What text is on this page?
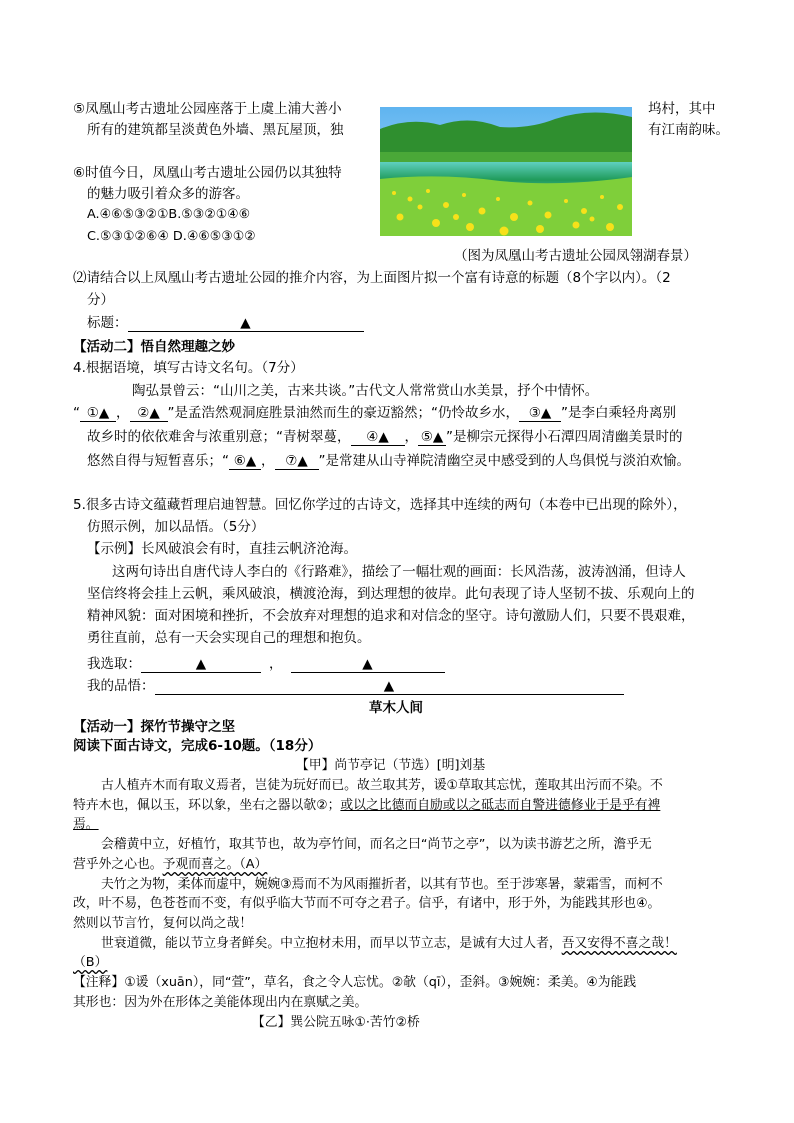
⑤凤凰山考古遗址公园座落于上虞上浦大善小	坞村，其中
所有的建筑都呈淡黄色外墙、黑瓦屋顶，独	有江南韵味。
⑥时值今日，凤凰山考古遗址公园仍以其独特
的魅力吸引着众多的游客。
A.④⑥⑤③②①B.⑤③②①④⑥
C.⑤③①②⑥④ D.④⑥⑤③①②
（图为凤凰山考古遗址公园凤翎湖春景）
⑵请结合以上凤凰山考古遗址公园的推介内容，为上面图片拟一个富有诗意的标题（8个字以内）。（2
分）
标题：	▲
【活动二】悟自然理趣之妙
4.根据语境，填写古诗文名句。（7分）
陶弘景曾云：“山川之美，古来共谈。”古代文人常常赏山水美景，抒个中情怀。
“ ①▲ ， ②▲ ”是孟浩然观洞庭胜景油然而生的豪迈豁然；“仍怜故乡水， ③▲ ”是李白乘轻舟离别
故乡时的依依难舍与浓重别意；“青树翠蔓， ④▲ ， ⑤▲ ”是柳宗元探得小石潭四周清幽美景时的
悠然自得与短暂喜乐；“ ⑥▲ ， ⑦▲ ”是常建从山寺禅院清幽空灵中感受到的人鸟俱悦与淡泊欢愉。
5.很多古诗文蕴藏哲理启迪智慧。回忆你学过的古诗文，选择其中连续的两句（本卷中已出现的除外），
仿照示例，加以品悟。（5分）
【示例】长风破浪会有时，直挂云帆济沧海。
这两句诗出自唐代诗人李白的《行路难》，描绘了一幅壮观的画面：长风浩荡，波涛汹涌，但诗人
坚信终将会挂上云帆，乘风破浪，横渡沧海，到达理想的彼岸。此句表现了诗人坚韧不拔、乐观向上的
精神风貌：面对困境和挫折，不会放弃对理想的追求和对信念的坚守。诗句激励人们，只要不畏艰难，
勇往直前，总有一天会实现自己的理想和抱负。
我选取：	▲	，	▲
我的品悟：	▲
草木人间
【活动一】探竹节操守之坚
阅读下面古诗文，完成6-10题。（18分）
【甲】尚节亭记（节选）[明]刘基
古人植卉木而有取义焉者，岂徒为玩好而已。故兰取其芳，谖①草取其忘忧，莲取其出污而不染。不
特卉木也，佩以玉，环以象，坐右之器以欹②；或以之比德而自励或以之砥志而自警进德修业于是乎有裨
焉。
会稽黄中立，好植竹，取其节也，故为亭竹间，而名之曰“尚节之亭”，以为读书游艺之所，澹乎无
营乎外之心也。予观而喜之。（A）
夫竹之为物，柔体而虚中，婉婉③焉而不为风雨摧折者，以其有节也。至于涉寒暑，蒙霜雪，而柯不
改，叶不易，色苍苍而不变，有似乎临大节而不可夺之君子。信乎，有诸中，形于外，为能践其形也④。
然则以节言竹，复何以尚之哉！
世衰道微，能以节立身者鲜矣。中立抱材未用，而早以节立志，是诚有大过人者，吾又安得不喜之哉！
（B）
【注释】①谖（xuān），同“萱”，草名，食之令人忘忧。②欹（qī），歪斜。③婉婉：柔美。④为能践
其形也：因为外在形体之美能体现出内在禀赋之美。
【乙】巽公院五咏①·苦竹②桥
